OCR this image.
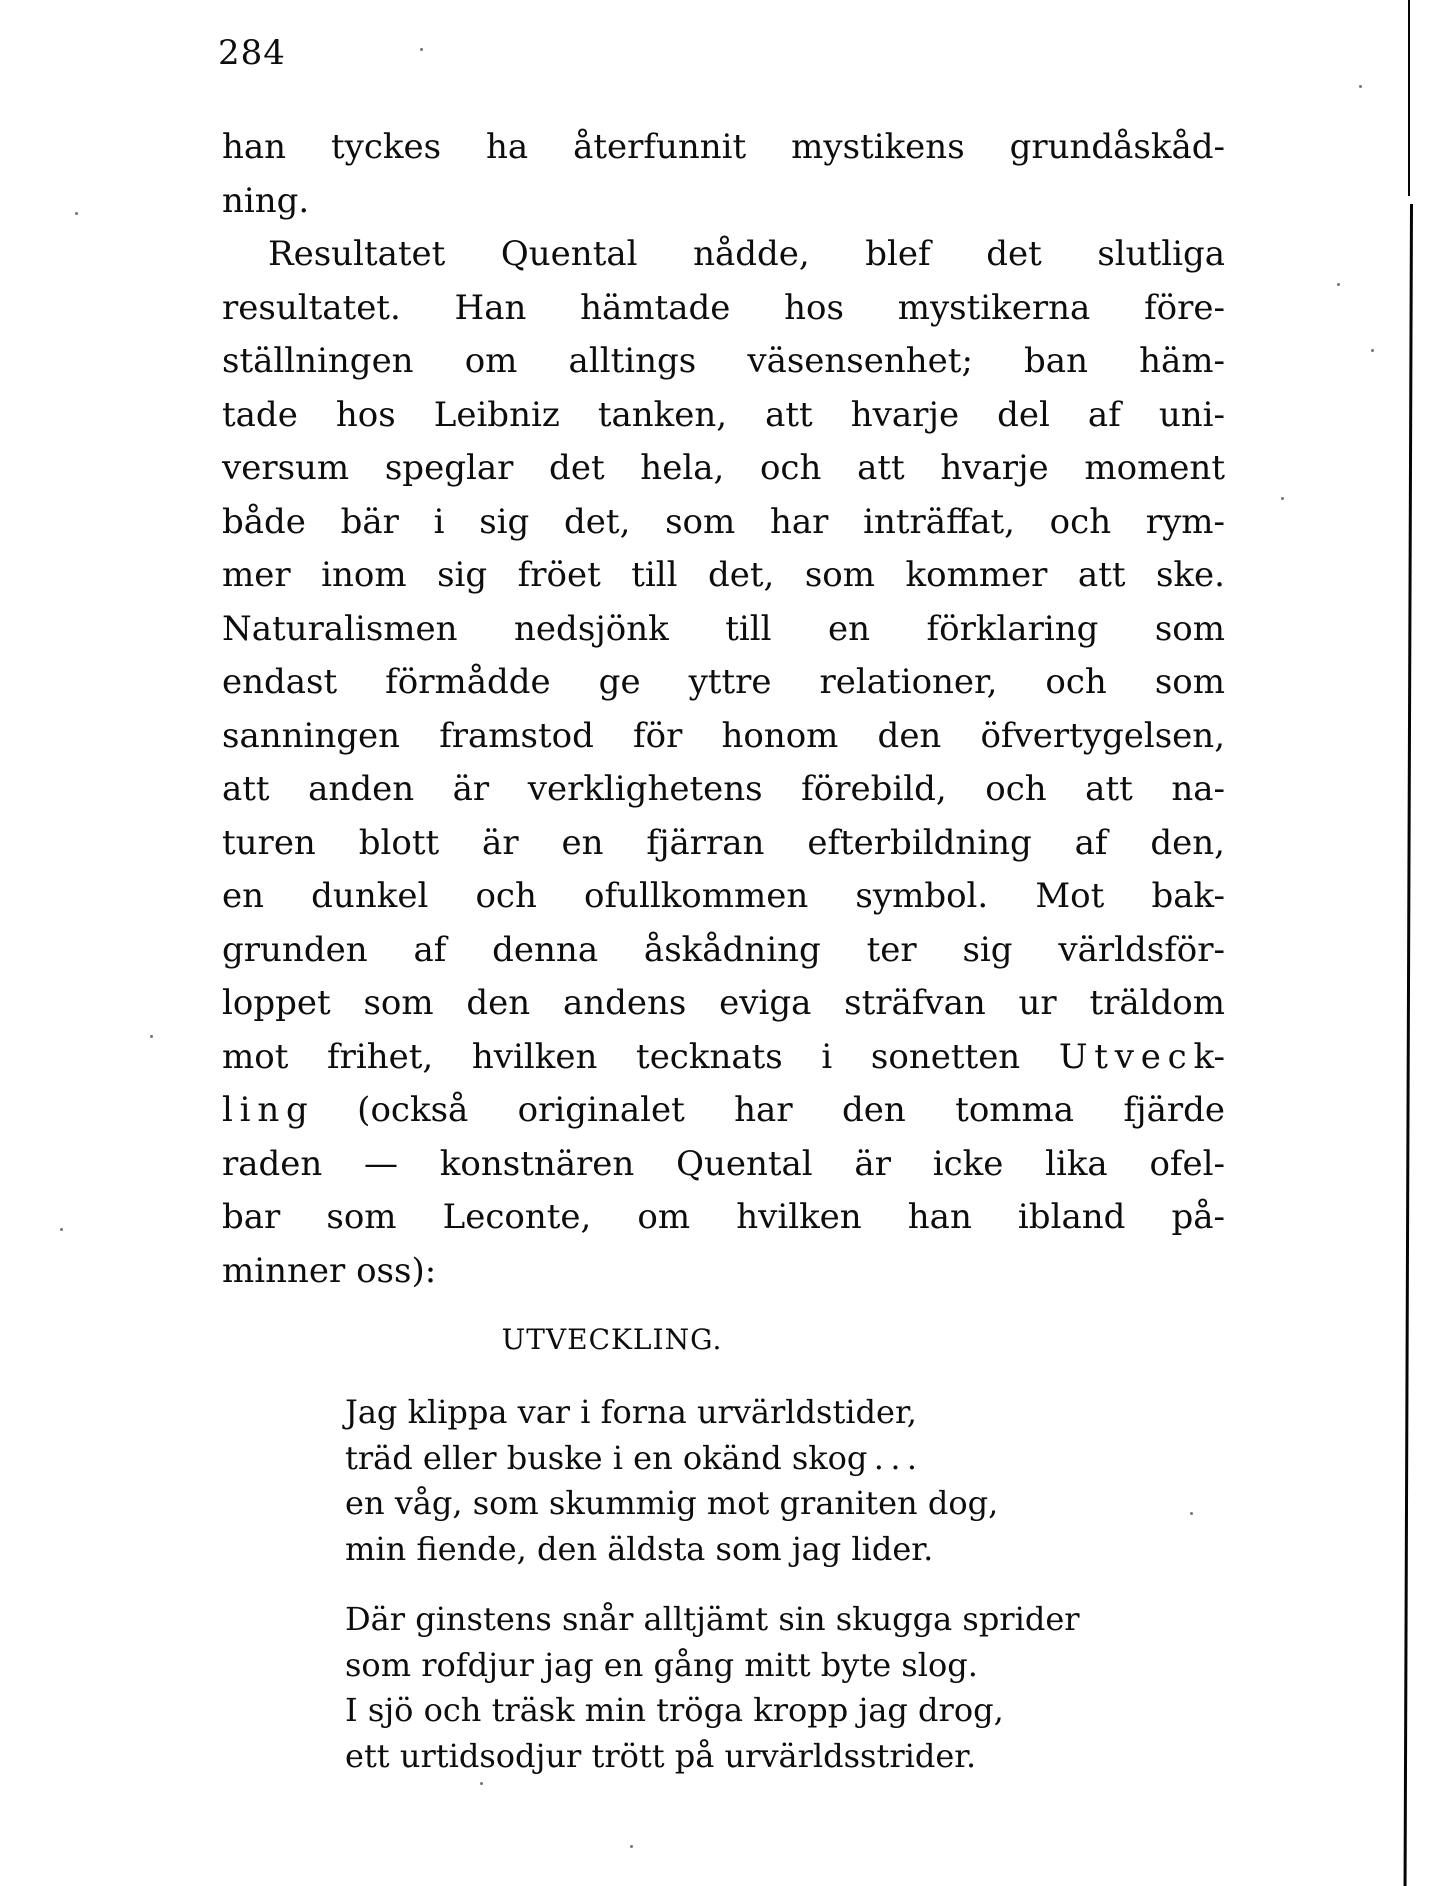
284
han tyckes ha återfunnit mystikens grundåskåd-
ning.
Resultatet Quental nådde, blef det slutliga
resultatet. Han hämtade hos mystikerna före-
ställningen om alltings väsensenhet; ban häm-
tade hos Leibniz tanken, att hvarje del af uni-
versum speglar det hela, och att hvarje moment
både bär i sig det, som har inträffat, och rym-
mer inom sig fröet till det, som kommer att ske.
Naturalismen nedsjönk till en förklaring som
endast förmådde ge yttre relationer, och som
sanningen framstod för honom den öfvertygelsen,
att anden är verklighetens förebild, och att na-
turen blott är en fjärran efterbildning af den,
en dunkel och ofullkommen symbol. Mot bak-
grunden af denna åskådning ter sig världsför-
loppet som den andens eviga sträfvan ur träldom
mot frihet, hvilken tecknats i sonetten U t v e c k-
l i n g (också originalet har den tomma fjärde
raden — konstnären Quental är icke lika ofel-
bar som Leconte, om hvilken han ibland på-
minner oss):
UTVECKLING.
Jag klippa var i forna urvärldstider,
träd eller buske i en okänd skog . . .
en våg, som skummig mot graniten dog,
min fiende, den äldsta som jag lider.
Där ginstens snår alltjämt sin skugga sprider
som rofdjur jag en gång mitt byte slog.
I sjö och träsk min tröga kropp jag drog,
ett urtidsodjur trött på urvärldsstrider.
